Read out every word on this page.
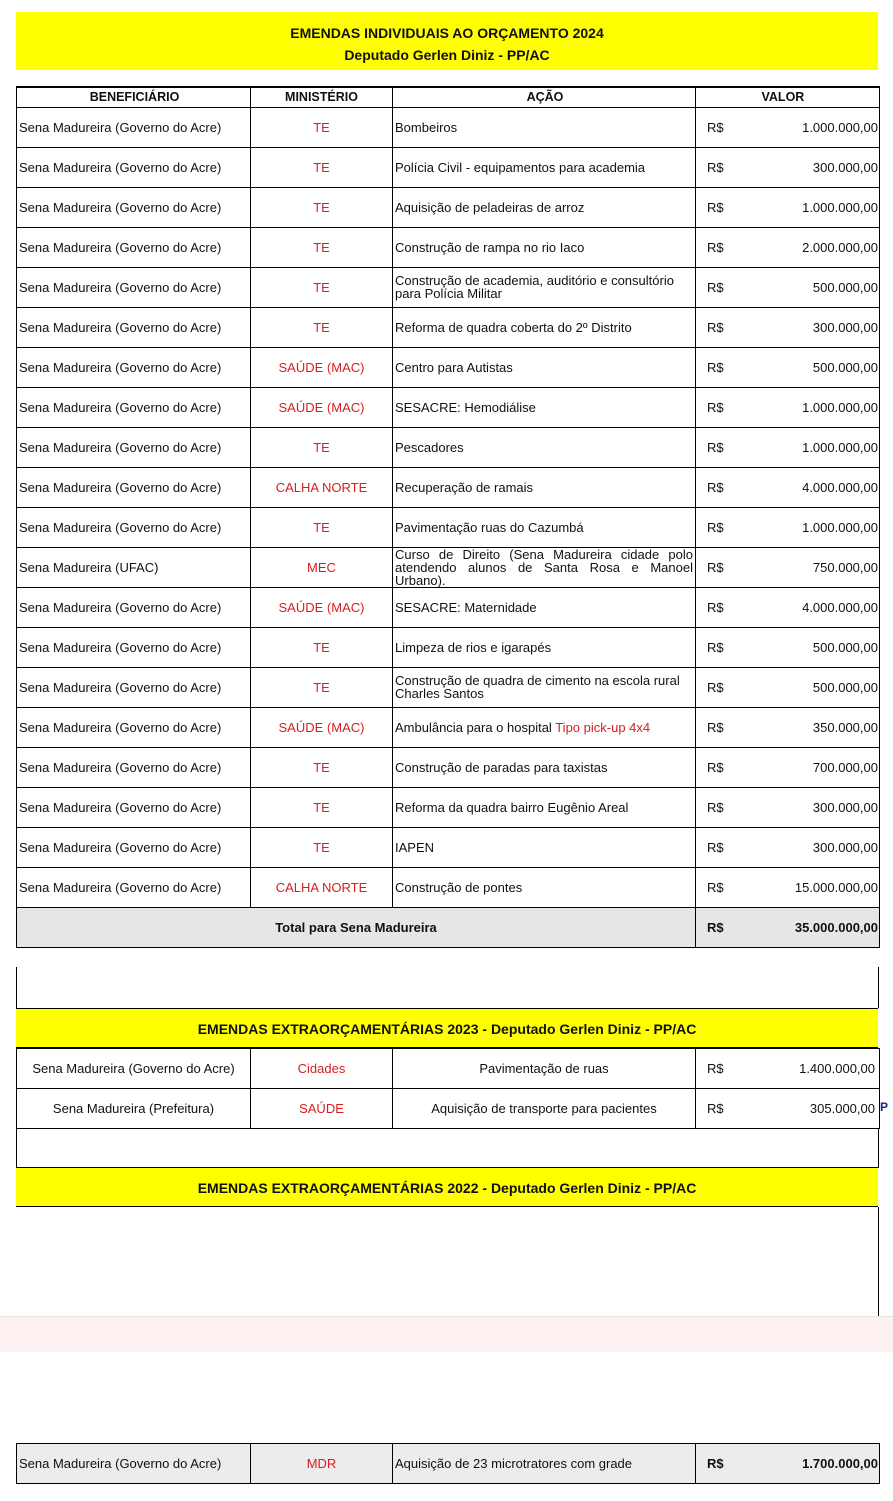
EMENDAS INDIVIDUAIS AO ORÇAMENTO 2024
Deputado Gerlen Diniz - PP/AC
BENEFICIÁRIO	MINISTÉRIO	AÇÃO		VALOR
Sena Madureira (Governo do Acre)	TE	Bombeiros	R$	1.000.000,00
Sena Madureira (Governo do Acre)	TE	Polícia Civil - equipamentos para academia	R$	300.000,00
Sena Madureira (Governo do Acre)	TE	Aquisição de peladeiras de arroz	R$	1.000.000,00
Sena Madureira (Governo do Acre)	TE	Construção de rampa no rio Iaco	R$	2.000.000,00
Sena Madureira (Governo do Acre)	TE	Construção de academia, auditório e consultório para Polícia Militar	R$	500.000,00
Sena Madureira (Governo do Acre)	TE	Reforma de quadra coberta do 2º Distrito	R$	300.000,00
Sena Madureira (Governo do Acre)	SAÚDE (MAC)	Centro para Autistas	R$	500.000,00
Sena Madureira (Governo do Acre)	SAÚDE (MAC)	SESACRE: Hemodiálise	R$	1.000.000,00
Sena Madureira (Governo do Acre)	TE	Pescadores	R$	1.000.000,00
Sena Madureira (Governo do Acre)	CALHA NORTE	Recuperação de ramais	R$	4.000.000,00
Sena Madureira (Governo do Acre)	TE	Pavimentação ruas do Cazumbá	R$	1.000.000,00
Sena Madureira (UFAC)	MEC	Curso de Direito (Sena Madureira cidade polo atendendo alunos de Santa Rosa e Manoel Urbano).	R$	750.000,00
Sena Madureira (Governo do Acre)	SAÚDE (MAC)	SESACRE: Maternidade	R$	4.000.000,00
Sena Madureira (Governo do Acre)	TE	Limpeza de rios e igarapés	R$	500.000,00
Sena Madureira (Governo do Acre)	TE	Construção de quadra de cimento na escola rural Charles Santos	R$	500.000,00
Sena Madureira (Governo do Acre)	SAÚDE (MAC)	Ambulância para o hospital Tipo pick-up 4x4	R$	350.000,00
Sena Madureira (Governo do Acre)	TE	Construção de paradas para taxistas	R$	700.000,00
Sena Madureira (Governo do Acre)	TE	Reforma da quadra bairro Eugênio Areal	R$	300.000,00
Sena Madureira (Governo do Acre)	TE	IAPEN	R$	300.000,00
Sena Madureira (Governo do Acre)	CALHA NORTE	Construção de pontes	R$	15.000.000,00
Total para Sena Madureira			R$	35.000.000,00
EMENDAS EXTRAORÇAMENTÁRIAS 2023 - Deputado Gerlen Diniz - PP/AC
Sena Madureira (Governo do Acre)	Cidades	Pavimentação de ruas	R$	1.400.000,00
Sena Madureira (Prefeitura)	SAÚDE	Aquisição de transporte para pacientes	R$	305.000,00 P
EMENDAS EXTRAORÇAMENTÁRIAS 2022 - Deputado Gerlen Diniz - PP/AC
Sena Madureira (Governo do Acre)	MDR	Aquisição de 23 microtratores com grade	R$	1.700.000,00
